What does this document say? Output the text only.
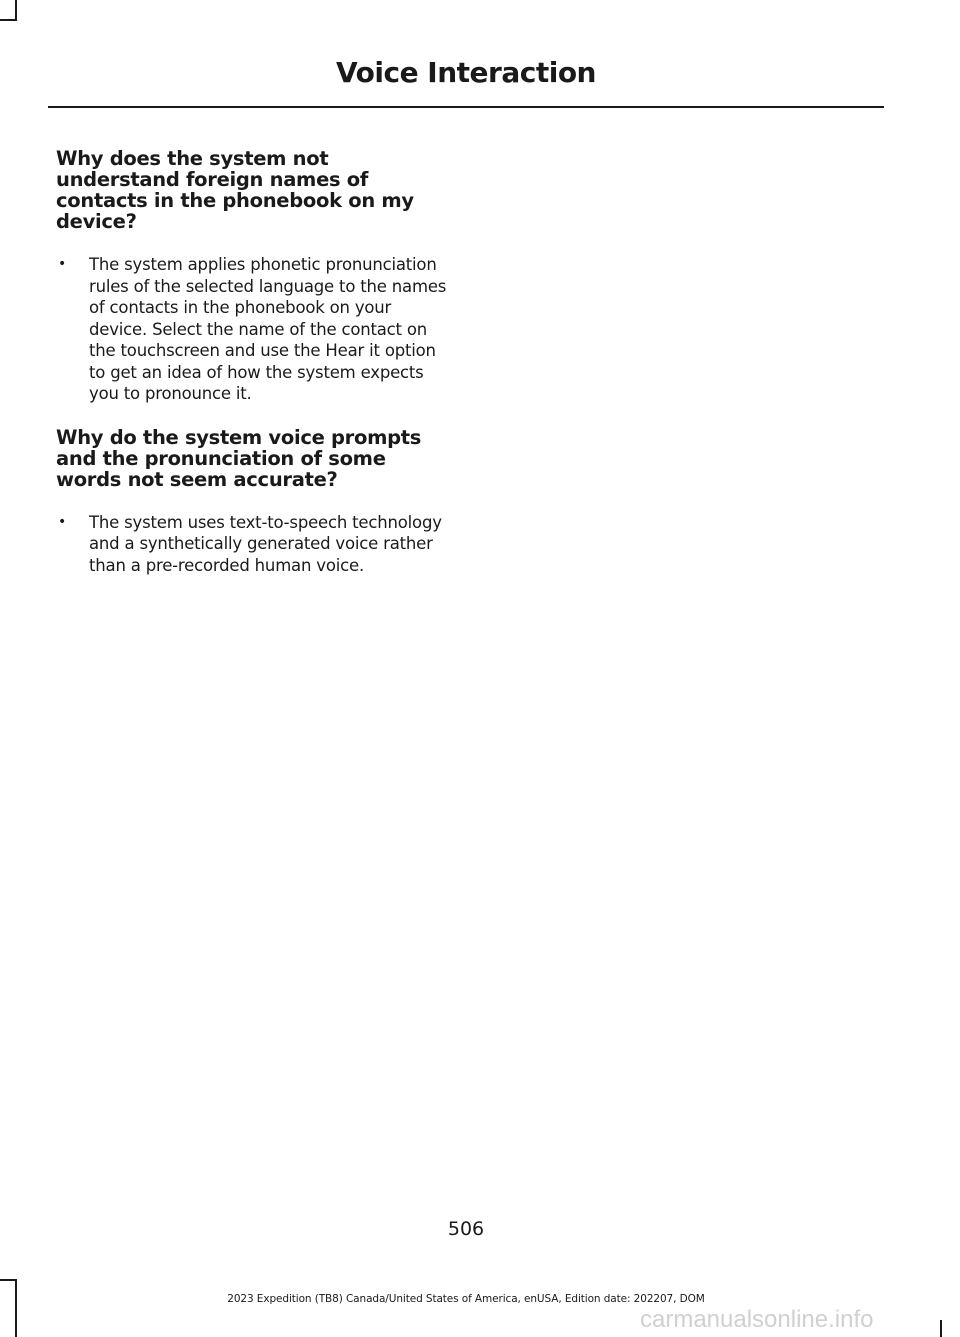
Voice Interaction
Why does the system not understand foreign names of contacts in the phonebook on my device?
• The system applies phonetic pronunciation rules of the selected language to the names of contacts in the phonebook on your device. Select the name of the contact on the touchscreen and use the Hear it option to get an idea of how the system expects you to pronounce it.
Why do the system voice prompts and the pronunciation of some words not seem accurate?
• The system uses text-to-speech technology and a synthetically generated voice rather than a pre-recorded human voice.
506
2023 Expedition (TB8) Canada/United States of America, enUSA, Edition date: 202207, DOM
carmanualsonline.info
